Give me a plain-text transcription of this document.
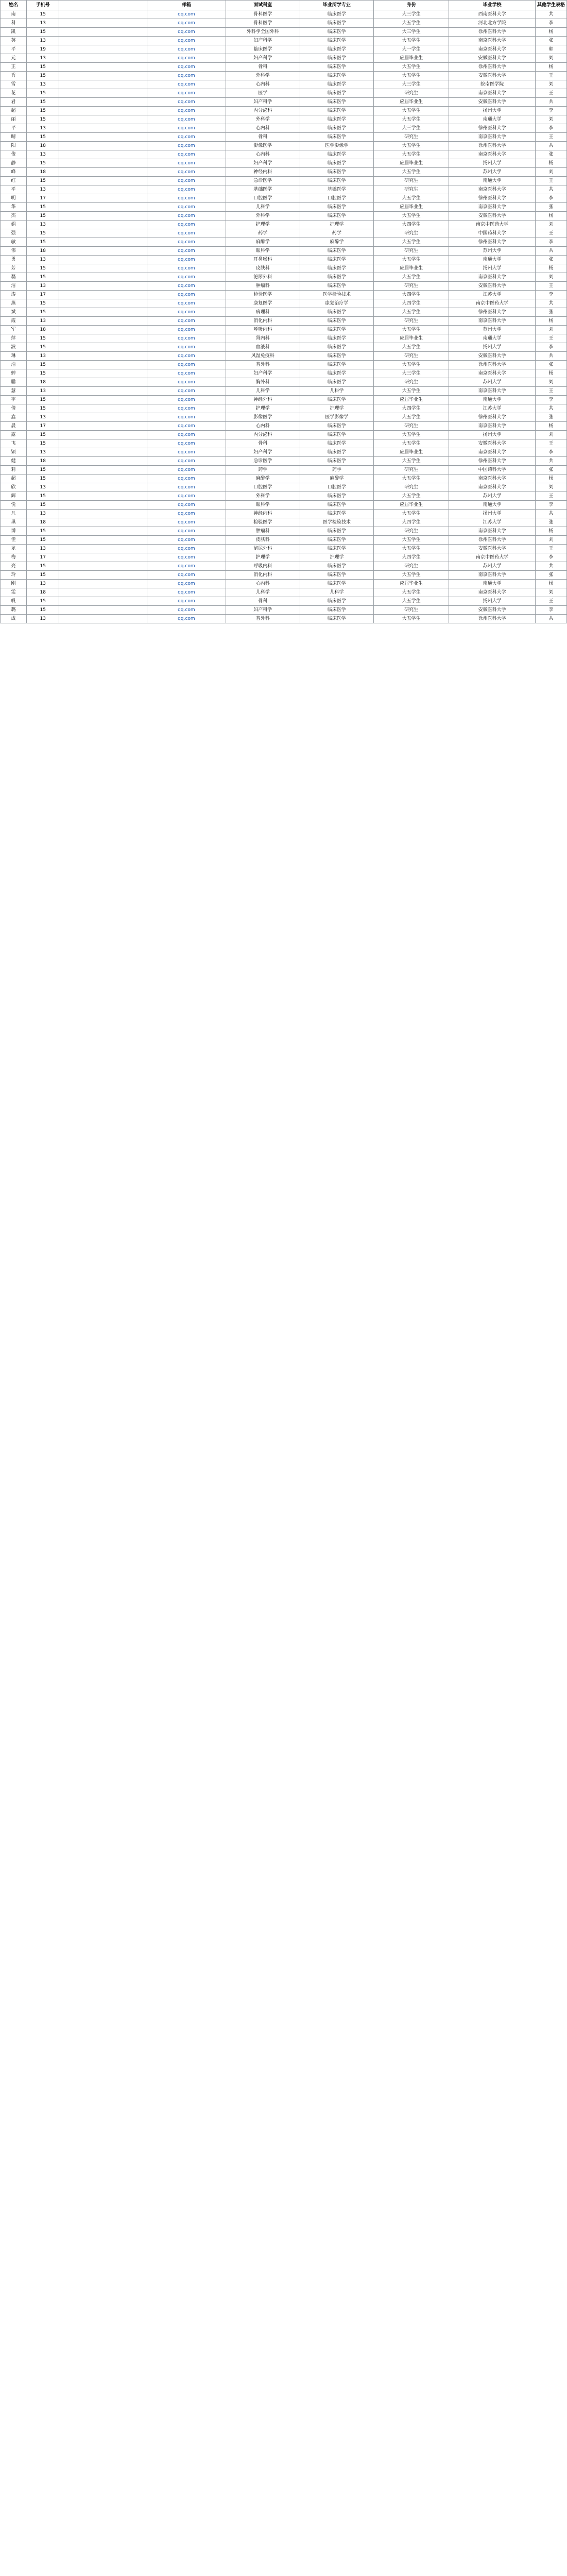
姓名	手机号		邮箱	面试科室	毕业所学专业	身份	毕业学校	其他学生表格
南	15		qq.com	骨科医学	临床医学	大三学生	西南医科大学	共
科	13		qq.com	骨科医学	临床医学	大五学生	河北北方学院	李
凯	15		qq.com	外科学全国外科	临床医学	大三学生	徐州医科大学	杨
英	13		qq.com	妇产科学	临床医学	大五学生	南京医科大学	张
平	19		qq.com	临床医学	临床医学	大一学生	南京医科大学	郭
元	13		qq.com	妇产科学	临床医学	应届毕业生	安徽医科大学	刘
正	15		qq.com	骨科	临床医学	大五学生	徐州医科大学	杨
秀	15		qq.com	外科学	临床医学	大五学生	安徽医科大学	王
雪	13		qq.com	心内科	临床医学	大三学生	皖南医学院	刘
花	15		qq.com	医学	临床医学	研究生	南京医科大学	王
君	15		qq.com	妇产科学	临床医学	应届毕业生	安徽医科大学	共
超	15		qq.com	内分泌科	临床医学	大五学生	扬州大学	李
丽	15		qq.com	外科学	临床医学	大五学生	南通大学	刘
平	13		qq.com	心内科	临床医学	大三学生	徐州医科大学	李
晴	15		qq.com	骨科	临床医学	研究生	南京医科大学	王
阳	18		qq.com	影像医学	医学影像学	大五学生	徐州医科大学	共
俊	13		qq.com	心内科	临床医学	大五学生	南京医科大学	张
静	15		qq.com	妇产科学	临床医学	应届毕业生	扬州大学	杨
峰	18		qq.com	神经内科	临床医学	大五学生	苏州大学	刘
红	15		qq.com	急诊医学	临床医学	研究生	南通大学	王
平	13		qq.com	基础医学	基础医学	研究生	南京医科大学	共
明	17		qq.com	口腔医学	口腔医学	大五学生	徐州医科大学	李
华	15		qq.com	儿科学	临床医学	应届毕业生	南京医科大学	张
杰	15		qq.com	外科学	临床医学	大五学生	安徽医科大学	杨
娟	13		qq.com	护理学	护理学	大四学生	南京中医药大学	刘
强	15		qq.com	药学	药学	研究生	中国药科大学	王
敏	15		qq.com	麻醉学	麻醉学	大五学生	徐州医科大学	李
伟	18		qq.com	眼科学	临床医学	研究生	苏州大学	共
勇	13		qq.com	耳鼻喉科	临床医学	大五学生	南通大学	张
芳	15		qq.com	皮肤科	临床医学	应届毕业生	扬州大学	杨
磊	15		qq.com	泌尿外科	临床医学	大五学生	南京医科大学	刘
洁	13		qq.com	肿瘤科	临床医学	研究生	安徽医科大学	王
涛	17		qq.com	检验医学	医学检验技术	大四学生	江苏大学	李
燕	15		qq.com	康复医学	康复治疗学	大四学生	南京中医药大学	共
斌	15		qq.com	病理科	临床医学	大五学生	徐州医科大学	张
霞	13		qq.com	消化内科	临床医学	研究生	南京医科大学	杨
军	18		qq.com	呼吸内科	临床医学	大五学生	苏州大学	刘
萍	15		qq.com	肾内科	临床医学	应届毕业生	南通大学	王
波	15		qq.com	血液科	临床医学	大五学生	扬州大学	李
琳	13		qq.com	风湿免疫科	临床医学	研究生	安徽医科大学	共
浩	15		qq.com	普外科	临床医学	大五学生	徐州医科大学	张
婷	15		qq.com	妇产科学	临床医学	大三学生	南京医科大学	杨
鹏	18		qq.com	胸外科	临床医学	研究生	苏州大学	刘
慧	13		qq.com	儿科学	儿科学	大五学生	南京医科大学	王
宇	15		qq.com	神经外科	临床医学	应届毕业生	南通大学	李
倩	15		qq.com	护理学	护理学	大四学生	江苏大学	共
鑫	13		qq.com	影像医学	医学影像学	大五学生	徐州医科大学	张
晨	17		qq.com	心内科	临床医学	研究生	南京医科大学	杨
露	15		qq.com	内分泌科	临床医学	大五学生	扬州大学	刘
飞	15		qq.com	骨科	临床医学	大五学生	安徽医科大学	王
颖	13		qq.com	妇产科学	临床医学	应届毕业生	南京医科大学	李
健	18		qq.com	急诊医学	临床医学	大五学生	徐州医科大学	共
莉	15		qq.com	药学	药学	研究生	中国药科大学	张
超	15		qq.com	麻醉学	麻醉学	大五学生	南京医科大学	杨
欣	13		qq.com	口腔医学	口腔医学	研究生	南京医科大学	刘
辉	15		qq.com	外科学	临床医学	大五学生	苏州大学	王
悦	15		qq.com	眼科学	临床医学	应届毕业生	南通大学	李
凡	13		qq.com	神经内科	临床医学	大五学生	扬州大学	共
琪	18		qq.com	检验医学	医学检验技术	大四学生	江苏大学	张
博	15		qq.com	肿瘤科	临床医学	研究生	南京医科大学	杨
佳	15		qq.com	皮肤科	临床医学	大五学生	徐州医科大学	刘
龙	13		qq.com	泌尿外科	临床医学	大五学生	安徽医科大学	王
梅	17		qq.com	护理学	护理学	大四学生	南京中医药大学	李
亮	15		qq.com	呼吸内科	临床医学	研究生	苏州大学	共
玲	15		qq.com	消化内科	临床医学	大五学生	南京医科大学	张
刚	13		qq.com	心内科	临床医学	应届毕业生	南通大学	杨
雯	18		qq.com	儿科学	儿科学	大五学生	南京医科大学	刘
帆	15		qq.com	骨科	临床医学	大五学生	扬州大学	王
璐	15		qq.com	妇产科学	临床医学	研究生	安徽医科大学	李
成	13		qq.com	普外科	临床医学	大五学生	徐州医科大学	共
